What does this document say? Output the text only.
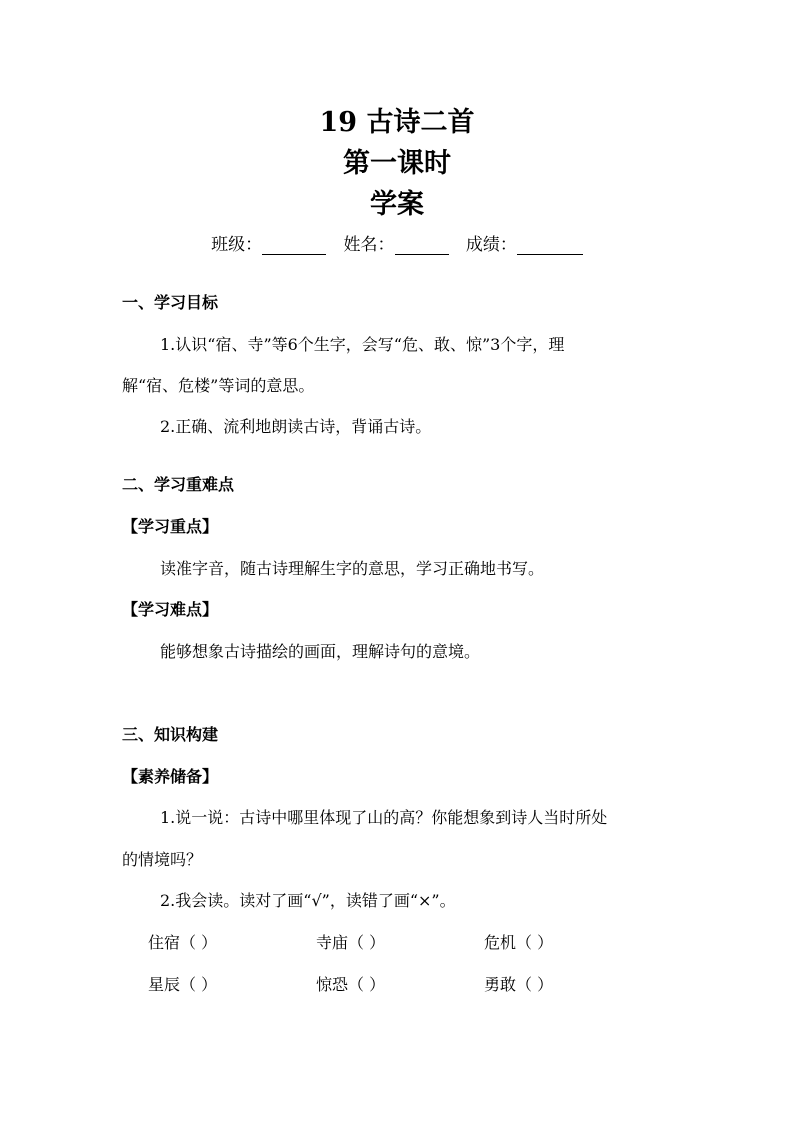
19 古诗二首
第一课时
学案
班级：	姓名：	成绩：
一、学习目标
1.认识“宿、寺”等6个生字，会写“危、敢、惊”3个字，理
解“宿、危楼”等词的意思。
2.正确、流利地朗读古诗，背诵古诗。
二、学习重难点
【学习重点】
读准字音，随古诗理解生字的意思，学习正确地书写。
【学习难点】
能够想象古诗描绘的画面，理解诗句的意境。
三、知识构建
【素养储备】
1.说一说：古诗中哪里体现了山的高？你能想象到诗人当时所处
的情境吗？
2.我会读。读对了画“√”，读错了画“×”。
住宿（ ）	寺庙（ ）	危机（ ）
星辰（ ）	惊恐（ ）	勇敢（ ）
